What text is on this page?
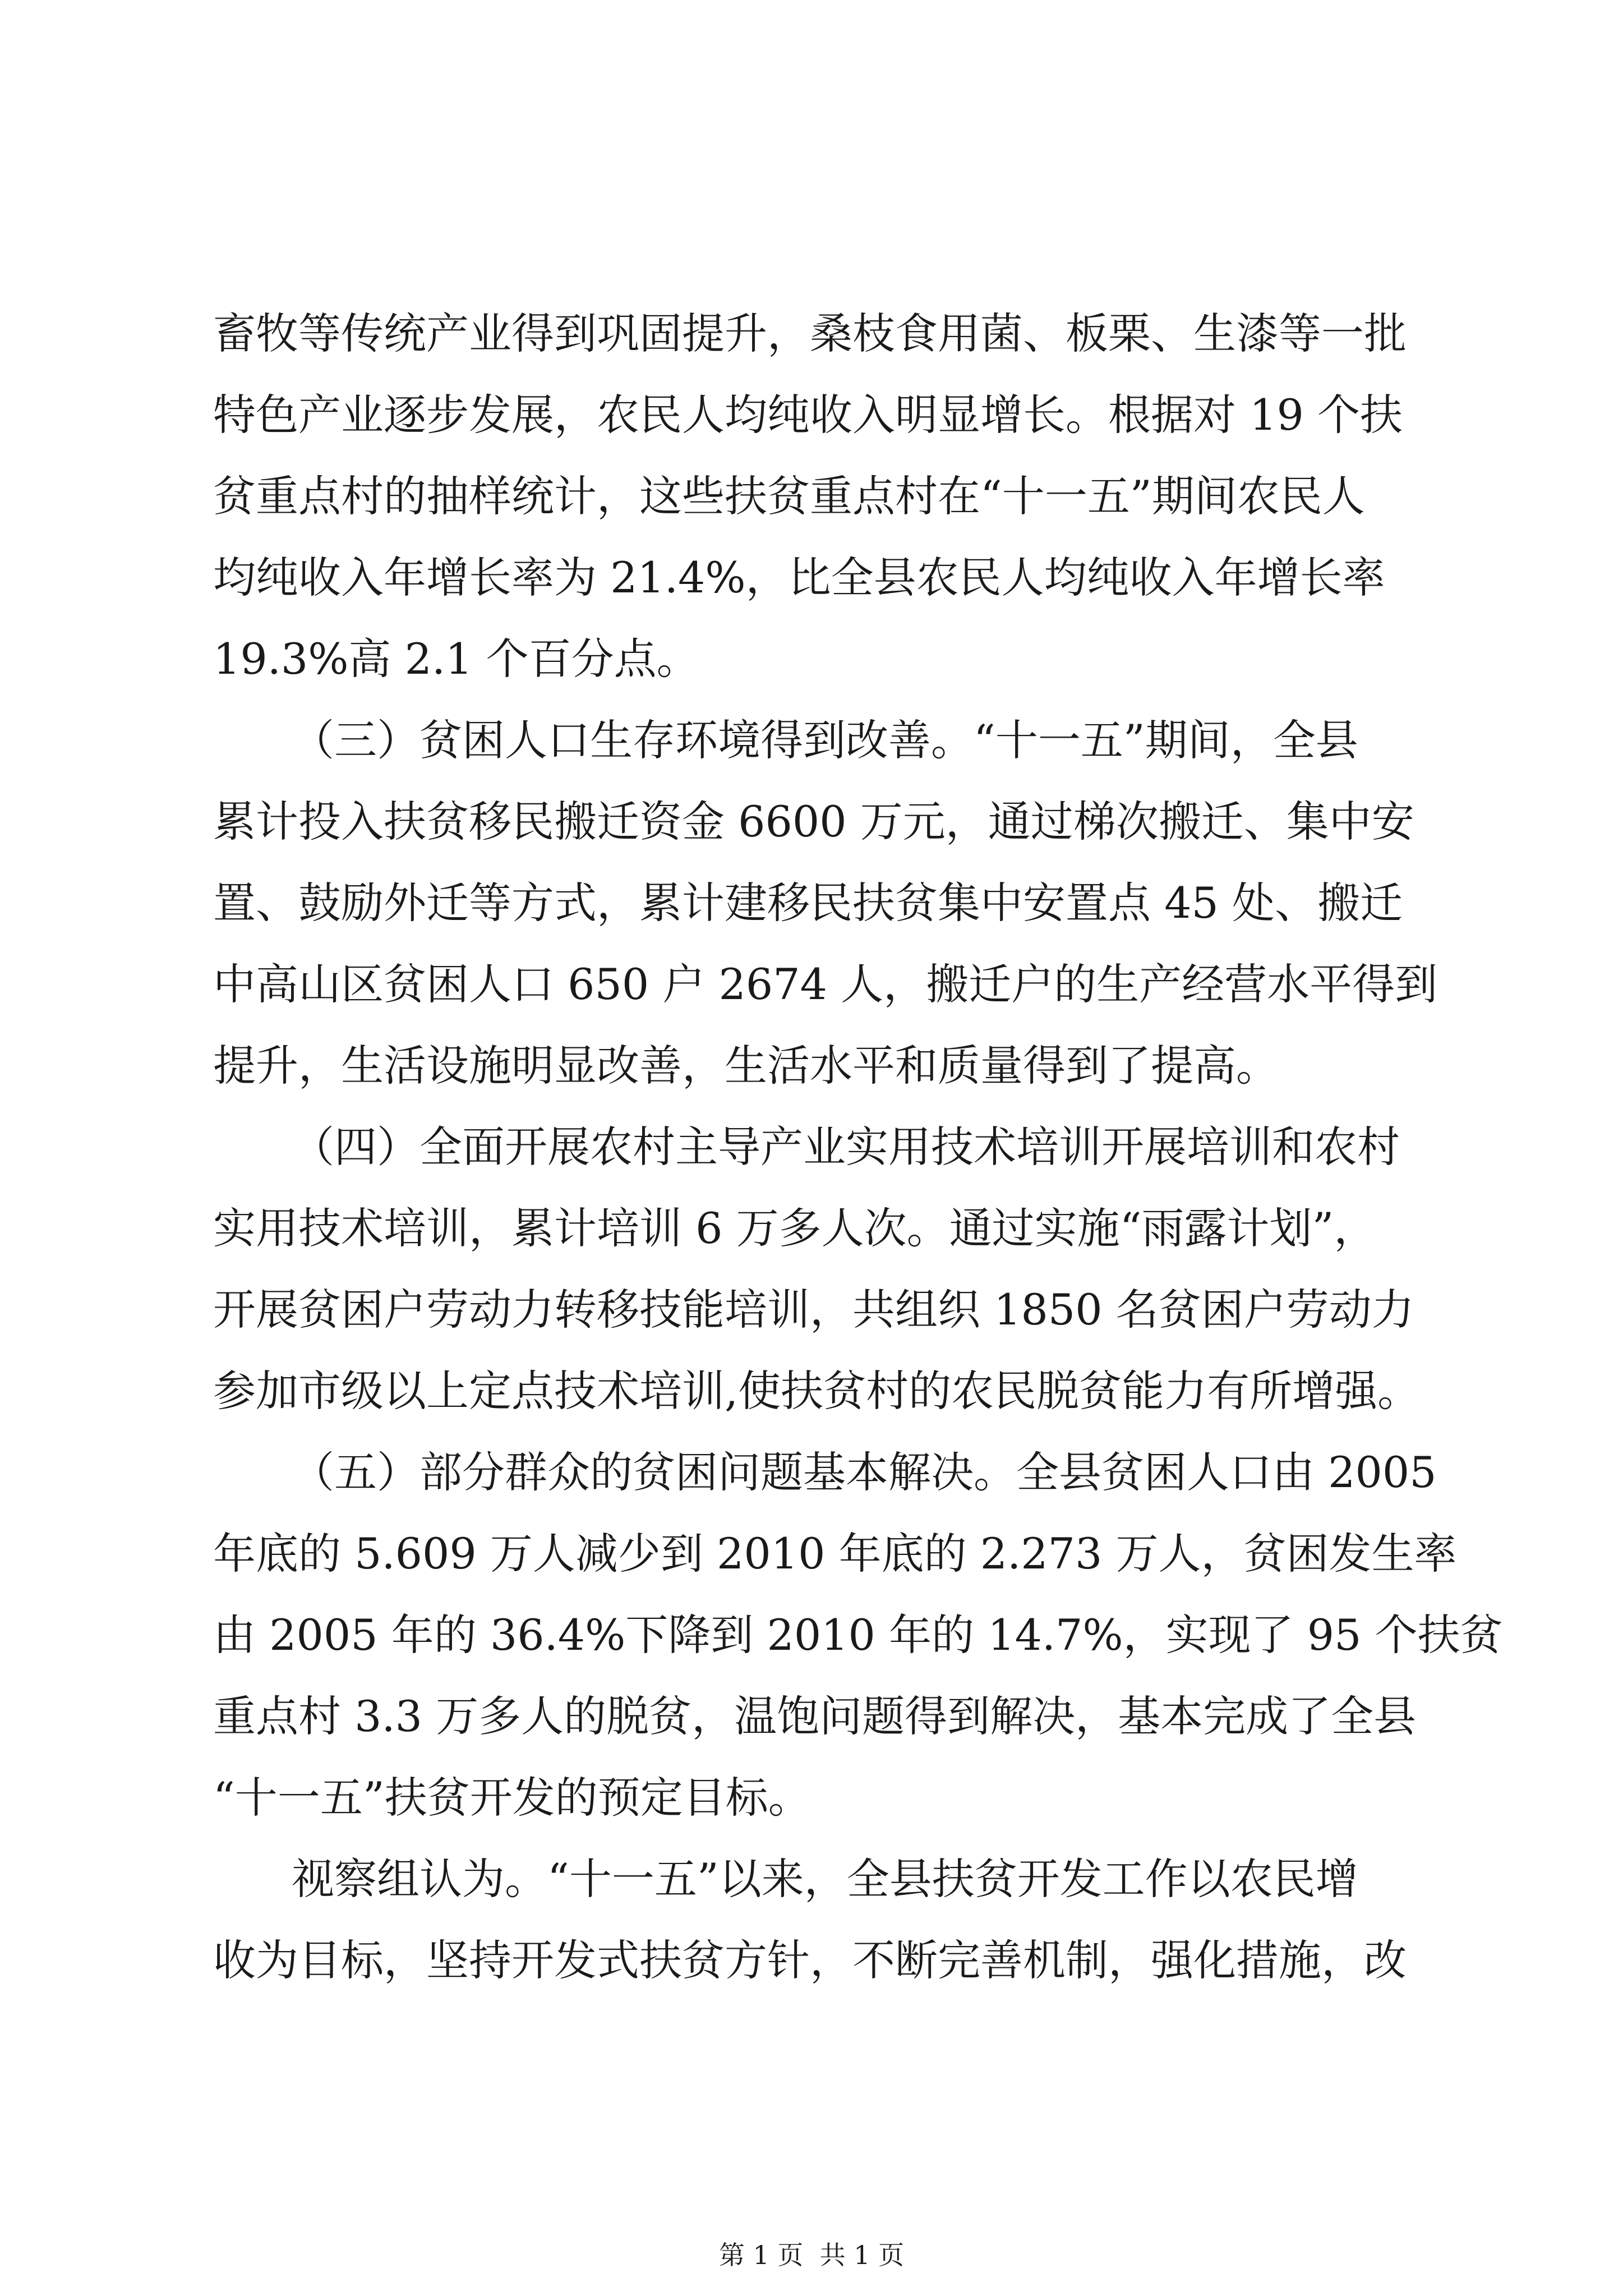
畜牧等传统产业得到巩固提升，桑枝食用菌、板栗、生漆等一批
特色产业逐步发展，农民人均纯收入明显增长。根据对 19 个扶
贫重点村的抽样统计，这些扶贫重点村在“十一五”期间农民人
均纯收入年增长率为 21.4%，比全县农民人均纯收入年增长率
19.3%高 2.1 个百分点。
（三）贫困人口生存环境得到改善。“十一五”期间，全县
累计投入扶贫移民搬迁资金 6600 万元，通过梯次搬迁、集中安
置、鼓励外迁等方式，累计建移民扶贫集中安置点 45 处、搬迁
中高山区贫困人口 650 户 2674 人，搬迁户的生产经营水平得到
提升，生活设施明显改善，生活水平和质量得到了提高。
（四）全面开展农村主导产业实用技术培训开展培训和农村
实用技术培训，累计培训 6 万多人次。通过实施“雨露计划”，
开展贫困户劳动力转移技能培训，共组织 1850 名贫困户劳动力
参加市级以上定点技术培训,使扶贫村的农民脱贫能力有所增强。
（五）部分群众的贫困问题基本解决。全县贫困人口由 2005
年底的 5.609 万人减少到 2010 年底的 2.273 万人，贫困发生率
由 2005 年的 36.4%下降到 2010 年的 14.7%，实现了 95 个扶贫
重点村 3.3 万多人的脱贫，温饱问题得到解决，基本完成了全县
“十一五”扶贫开发的预定目标。
视察组认为。“十一五”以来，全县扶贫开发工作以农民增
收为目标，坚持开发式扶贫方针，不断完善机制，强化措施，改
第 1 页  共 1 页
